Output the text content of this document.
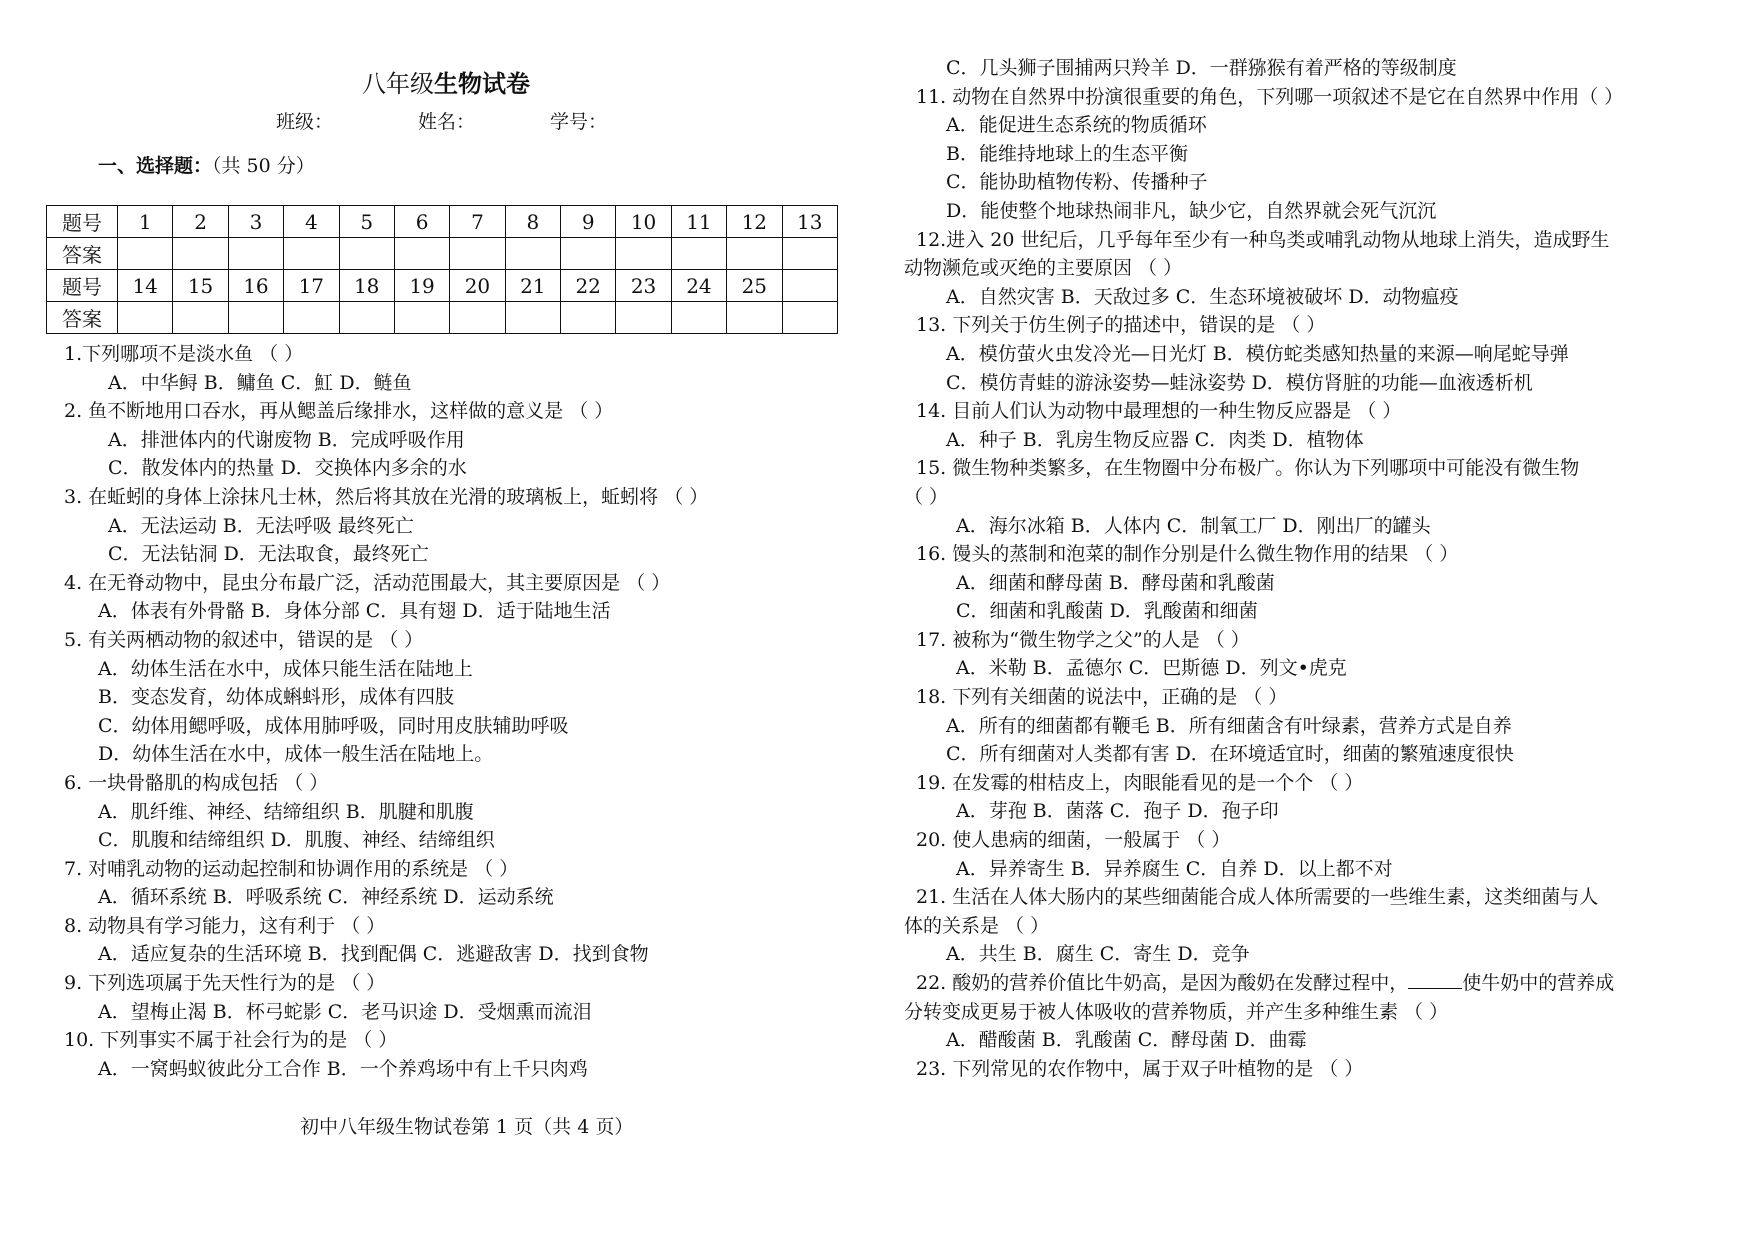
八年级生物试卷
班级：	姓名：	学号：
一、选择题：（共 50 分）
题号	1	2	3	4	5	6	7	8	9	10	11	12	13
答案													
题号	14	15	16	17	18	19	20	21	22	23	24	25	
答案													
1.下列哪项不是淡水鱼 （ ）
A．中华鲟 B．鳙鱼 C．魟 D．鲢鱼
2. 鱼不断地用口吞水，再从鳃盖后缘排水，这样做的意义是 （ ）
A．排泄体内的代谢废物 B．完成呼吸作用
C．散发体内的热量 D．交换体内多余的水
3. 在蚯蚓的身体上涂抹凡士林，然后将其放在光滑的玻璃板上，蚯蚓将 （ ）
A．无法运动 B．无法呼吸 最终死亡
C．无法钻洞 D．无法取食，最终死亡
4. 在无脊动物中，昆虫分布最广泛，活动范围最大，其主要原因是 （ ）
A．体表有外骨骼 B．身体分部 C．具有翅 D．适于陆地生活
5. 有关两栖动物的叙述中，错误的是 （ ）
A．幼体生活在水中，成体只能生活在陆地上
B．变态发育，幼体成蝌蚪形，成体有四肢
C．幼体用鳃呼吸，成体用肺呼吸，同时用皮肤辅助呼吸
D．幼体生活在水中，成体一般生活在陆地上。
6. 一块骨骼肌的构成包括 （ ）
A．肌纤维、神经、结缔组织 B．肌腱和肌腹
C．肌腹和结缔组织 D．肌腹、神经、结缔组织
7. 对哺乳动物的运动起控制和协调作用的系统是 （ ）
A．循环系统 B．呼吸系统 C．神经系统 D．运动系统
8. 动物具有学习能力，这有利于 （ ）
A．适应复杂的生活环境 B．找到配偶 C．逃避敌害 D．找到食物
9. 下列选项属于先天性行为的是 （ ）
A．望梅止渴 B．杯弓蛇影 C．老马识途 D．受烟熏而流泪
10. 下列事实不属于社会行为的是 （ ）
A．一窝蚂蚁彼此分工合作 B．一个养鸡场中有上千只肉鸡
C．几头狮子围捕两只羚羊 D．一群猕猴有着严格的等级制度
11. 动物在自然界中扮演很重要的角色，下列哪一项叙述不是它在自然界中作用（ ）
A．能促进生态系统的物质循环
B．能维持地球上的生态平衡
C．能协助植物传粉、传播种子
D．能使整个地球热闹非凡，缺少它，自然界就会死气沉沉
12.进入 20 世纪后，几乎每年至少有一种鸟类或哺乳动物从地球上消失，造成野生
动物濒危或灭绝的主要原因 （ ）
A．自然灾害 B．天敌过多 C．生态环境被破坏 D．动物瘟疫
13. 下列关于仿生例子的描述中，错误的是 （ ）
A．模仿萤火虫发冷光—日光灯 B．模仿蛇类感知热量的来源—响尾蛇导弹
C．模仿青蛙的游泳姿势—蛙泳姿势 D．模仿肾脏的功能—血液透析机
14. 目前人们认为动物中最理想的一种生物反应器是 （ ）
A．种子 B．乳房生物反应器 C．肉类 D．植物体
15. 微生物种类繁多，在生物圈中分布极广。你认为下列哪项中可能没有微生物
（ ）
A．海尔冰箱 B．人体内 C．制氧工厂 D．刚出厂的罐头
16. 馒头的蒸制和泡菜的制作分别是什么微生物作用的结果 （ ）
A．细菌和酵母菌 B．酵母菌和乳酸菌
C．细菌和乳酸菌 D．乳酸菌和细菌
17. 被称为“微生物学之父”的人是 （ ）
A．米勒 B．孟德尔 C．巴斯德 D．列文•虎克
18. 下列有关细菌的说法中，正确的是 （ ）
A．所有的细菌都有鞭毛 B．所有细菌含有叶绿素，营养方式是自养
C．所有细菌对人类都有害 D．在环境适宜时，细菌的繁殖速度很快
19. 在发霉的柑桔皮上，肉眼能看见的是一个个 （ ）
A．芽孢 B．菌落 C．孢子 D．孢子印
20. 使人患病的细菌，一般属于 （ ）
A．异养寄生 B．异养腐生 C．自养 D．以上都不对
21. 生活在人体大肠内的某些细菌能合成人体所需要的一些维生素，这类细菌与人
体的关系是 （ ）
A．共生 B．腐生 C．寄生 D．竞争
22. 酸奶的营养价值比牛奶高，是因为酸奶在发酵过程中，	使牛奶中的营养成
分转变成更易于被人体吸收的营养物质，并产生多种维生素 （ ）
A．醋酸菌 B．乳酸菌 C．酵母菌 D．曲霉
23. 下列常见的农作物中，属于双子叶植物的是 （ ）
初中八年级生物试卷第 1 页（共 4 页）
